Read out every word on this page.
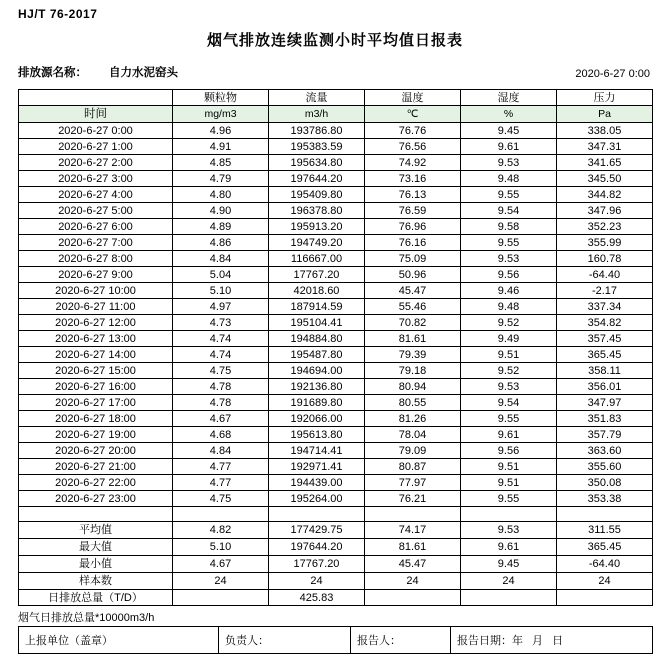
HJ/T 76-2017
烟气排放连续监测小时平均值日报表
排放源名称： 自力水泥窑头	2020-6-27 0:00
	颗粒物	流量	温度	湿度	压力
时间	mg/m3	m3/h	℃	%	Pa
2020-6-27 0:00	4.96	193786.80	76.76	9.45	338.05
2020-6-27 1:00	4.91	195383.59	76.56	9.61	347.31
2020-6-27 2:00	4.85	195634.80	74.92	9.53	341.65
2020-6-27 3:00	4.79	197644.20	73.16	9.48	345.50
2020-6-27 4:00	4.80	195409.80	76.13	9.55	344.82
2020-6-27 5:00	4.90	196378.80	76.59	9.54	347.96
2020-6-27 6:00	4.89	195913.20	76.96	9.58	352.23
2020-6-27 7:00	4.86	194749.20	76.16	9.55	355.99
2020-6-27 8:00	4.84	116667.00	75.09	9.53	160.78
2020-6-27 9:00	5.04	17767.20	50.96	9.56	-64.40
2020-6-27 10:00	5.10	42018.60	45.47	9.46	-2.17
2020-6-27 11:00	4.97	187914.59	55.46	9.48	337.34
2020-6-27 12:00	4.73	195104.41	70.82	9.52	354.82
2020-6-27 13:00	4.74	194884.80	81.61	9.49	357.45
2020-6-27 14:00	4.74	195487.80	79.39	9.51	365.45
2020-6-27 15:00	4.75	194694.00	79.18	9.52	358.11
2020-6-27 16:00	4.78	192136.80	80.94	9.53	356.01
2020-6-27 17:00	4.78	191689.80	80.55	9.54	347.97
2020-6-27 18:00	4.67	192066.00	81.26	9.55	351.83
2020-6-27 19:00	4.68	195613.80	78.04	9.61	357.79
2020-6-27 20:00	4.84	194714.41	79.09	9.56	363.60
2020-6-27 21:00	4.77	192971.41	80.87	9.51	355.60
2020-6-27 22:00	4.77	194439.00	77.97	9.51	350.08
2020-6-27 23:00	4.75	195264.00	76.21	9.55	353.38

平均值	4.82	177429.75	74.17	9.53	311.55
最大值	5.10	197644.20	81.61	9.61	365.45
最小值	4.67	17767.20	45.47	9.45	-64.40
样本数	24	24	24	24	24
日排放总量（T/D）		425.83			
烟气日排放总量*10000m3/h
上报单位（盖章）	负责人：	报告人：	报告日期：年 月 日
